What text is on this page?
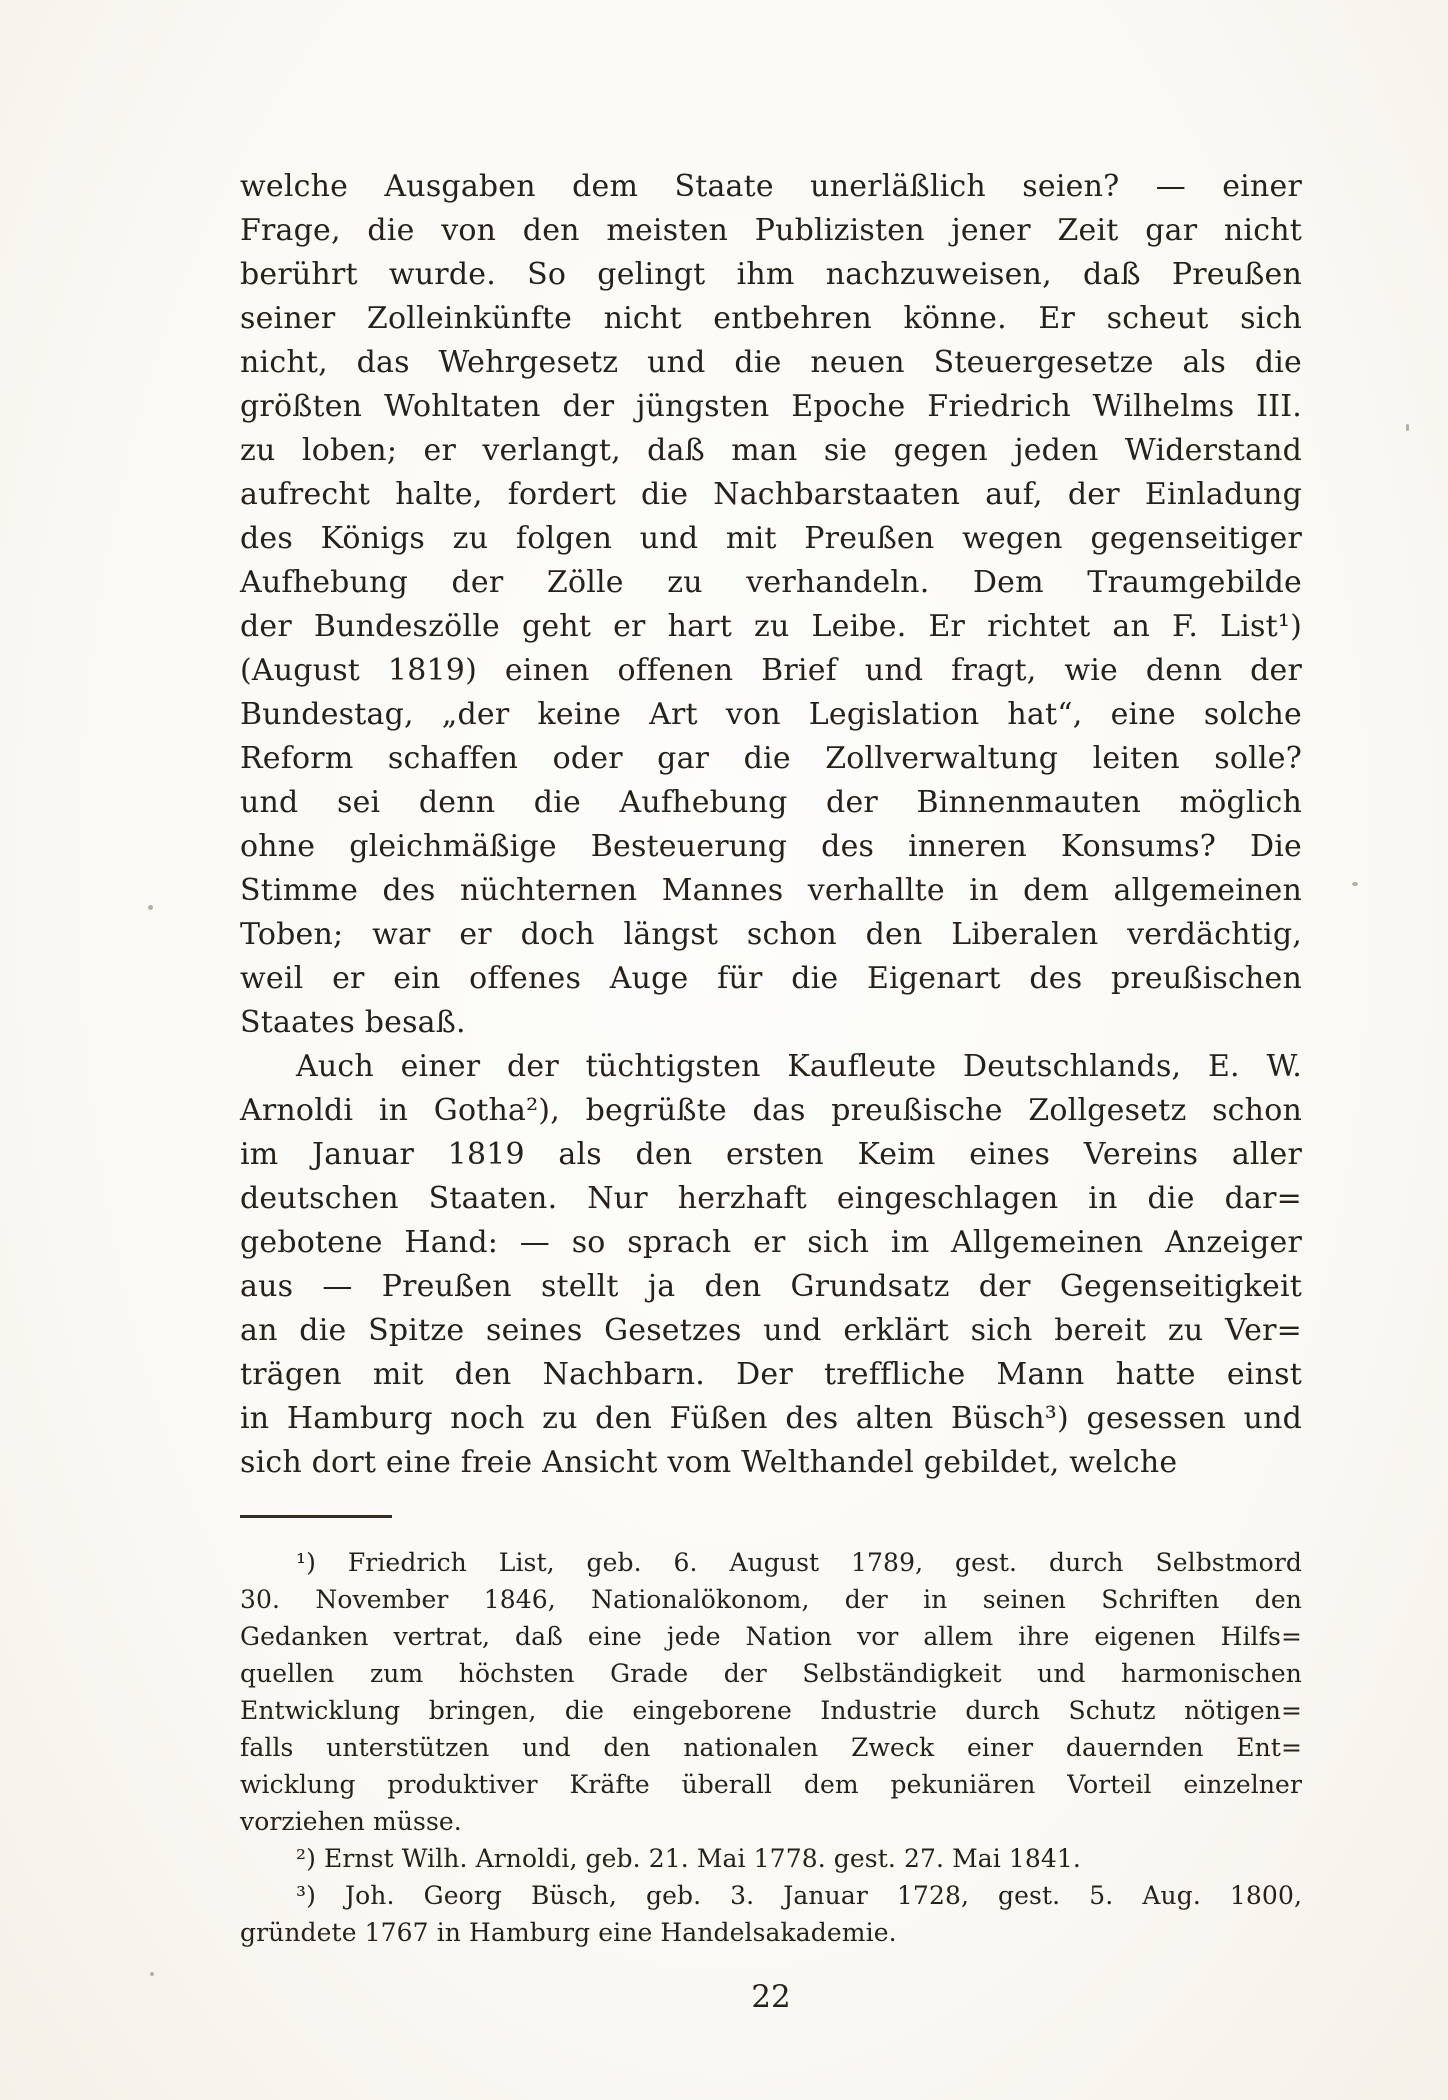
welche Ausgaben dem Staate unerläßlich seien? — einer
Frage, die von den meisten Publizisten jener Zeit gar nicht
berührt wurde. So gelingt ihm nachzuweisen, daß Preußen
seiner Zolleinkünfte nicht entbehren könne. Er scheut sich
nicht, das Wehrgesetz und die neuen Steuergesetze als die
größten Wohltaten der jüngsten Epoche Friedrich Wilhelms III.
zu loben; er verlangt, daß man sie gegen jeden Widerstand
aufrecht halte, fordert die Nachbarstaaten auf, der Einladung
des Königs zu folgen und mit Preußen wegen gegenseitiger
Aufhebung der Zölle zu verhandeln. Dem Traumgebilde
der Bundeszölle geht er hart zu Leibe. Er richtet an F. List¹)
(August 1819) einen offenen Brief und fragt, wie denn der
Bundestag, „der keine Art von Legislation hat“, eine solche
Reform schaffen oder gar die Zollverwaltung leiten solle?
und sei denn die Aufhebung der Binnenmauten möglich
ohne gleichmäßige Besteuerung des inneren Konsums? Die
Stimme des nüchternen Mannes verhallte in dem allgemeinen
Toben; war er doch längst schon den Liberalen verdächtig,
weil er ein offenes Auge für die Eigenart des preußischen
Staates besaß.
Auch einer der tüchtigsten Kaufleute Deutschlands, E. W.
Arnoldi in Gotha²), begrüßte das preußische Zollgesetz schon
im Januar 1819 als den ersten Keim eines Vereins aller
deutschen Staaten. Nur herzhaft eingeschlagen in die dar=
gebotene Hand: — so sprach er sich im Allgemeinen Anzeiger
aus — Preußen stellt ja den Grundsatz der Gegenseitigkeit
an die Spitze seines Gesetzes und erklärt sich bereit zu Ver=
trägen mit den Nachbarn. Der treffliche Mann hatte einst
in Hamburg noch zu den Füßen des alten Büsch³) gesessen und
sich dort eine freie Ansicht vom Welthandel gebildet, welche
¹) Friedrich List, geb. 6. August 1789, gest. durch Selbstmord
30. November 1846, Nationalökonom, der in seinen Schriften den
Gedanken vertrat, daß eine jede Nation vor allem ihre eigenen Hilfs=
quellen zum höchsten Grade der Selbständigkeit und harmonischen
Entwicklung bringen, die eingeborene Industrie durch Schutz nötigen=
falls unterstützen und den nationalen Zweck einer dauernden Ent=
wicklung produktiver Kräfte überall dem pekuniären Vorteil einzelner
vorziehen müsse.
²) Ernst Wilh. Arnoldi, geb. 21. Mai 1778. gest. 27. Mai 1841.
³) Joh. Georg Büsch, geb. 3. Januar 1728, gest. 5. Aug. 1800,
gründete 1767 in Hamburg eine Handelsakademie.
22
